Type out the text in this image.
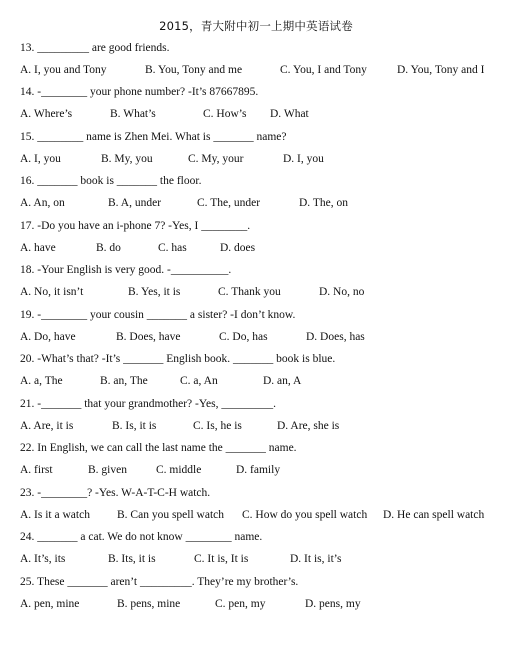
2015，青大附中初一上期中英语试卷
13. _________ are good friends.
A. I, you and Tony	B. You, Tony and me	C. You, I and Tony	D. You, Tony and I
14. -________ your phone number? -It’s 87667895.
A. Where’s	B. What’s	C. How’s D. What
15. ________ name is Zhen Mei. What is _______ name?
A. I, you	B. My, you	C. My, your	D. I, you
16. _______ book is _______ the floor.
A. An, on	B. A, under	C. The, under	D. The, on
17. -Do you have an i-phone 7? -Yes, I ________.
A. have	B. do	C. has	D. does
18. -Your English is very good. -__________.
A. No, it isn’t	B. Yes, it is	C. Thank you	D. No, no
19. -________ your cousin _______ a sister? -I don’t know.
A. Do, have	B. Does, have	C. Do, has	D. Does, has
20. -What’s that? -It’s _______ English book. _______ book is blue.
A. a, The	B. an, The	C. a, An	D. an, A
21. -_______ that your grandmother? -Yes, _________.
A. Are, it is	B. Is, it is	C. Is, he is	D. Are, she is
22. In English, we can call the last name the _______ name.
A. first	B. given	C. middle	D. family
23. -________? -Yes. W-A-T-C-H watch.
A. Is it a watch B. Can you spell watch C. How do you spell watch D. He can spell watch
24. _______ a cat. We do not know ________ name.
A. It’s, its	B. Its, it is	C. It is, It is	D. It is, it’s
25. These _______ aren’t _________. They’re my brother’s.
A. pen, mine	B. pens, mine	C. pen, my	D. pens, my
